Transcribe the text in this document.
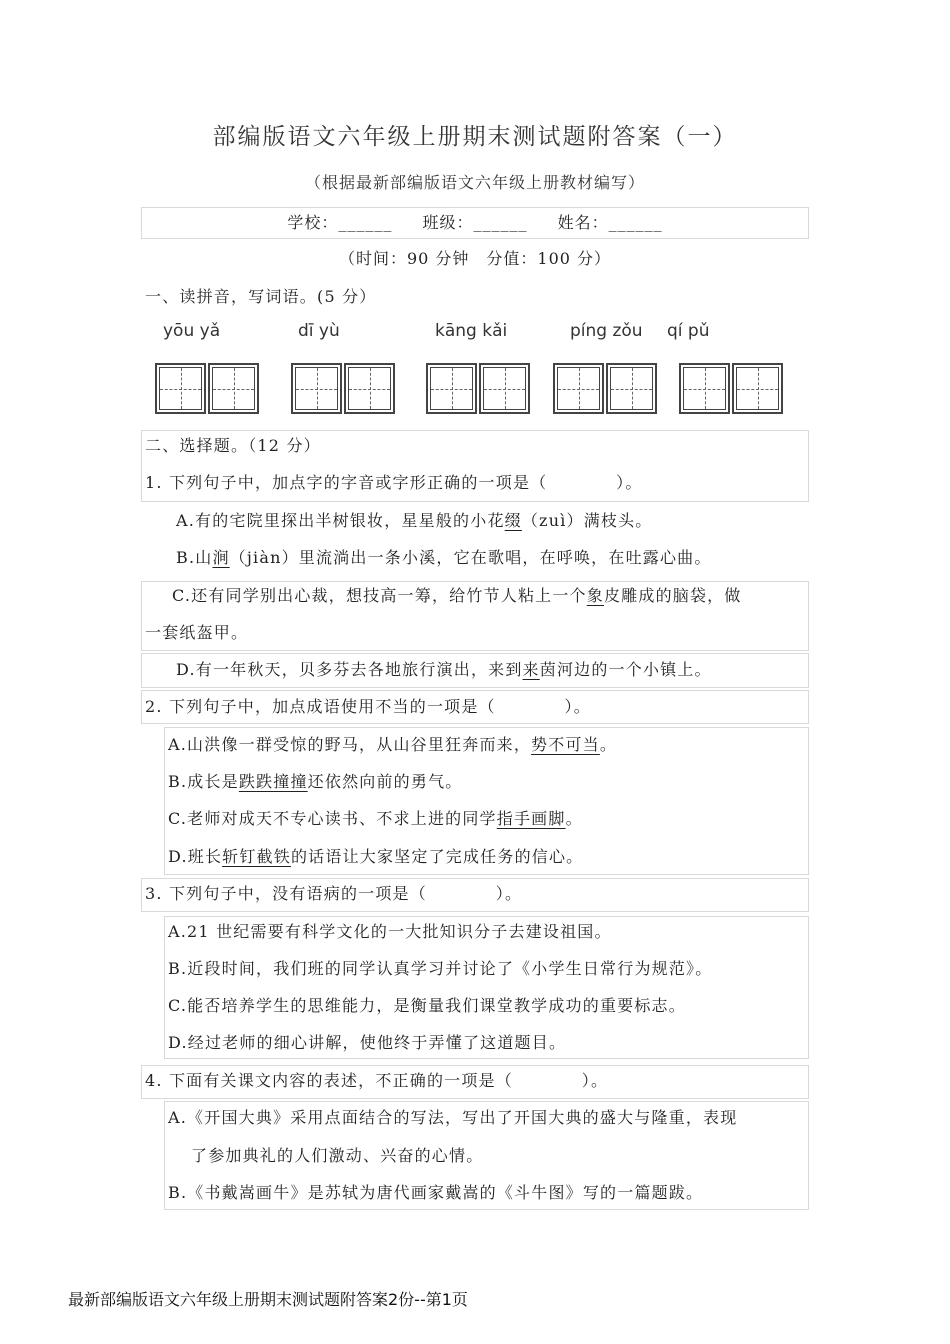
部编版语文六年级上册期末测试题附答案（一）
（根据最新部编版语文六年级上册教材编写）
学校：______ 班级：______ 姓名：______
（时间：90 分钟　分值：100 分）
一、读拼音，写词语。(5 分）
yōu yǎ	dī yù	kāng kǎi	píng zǒu qí pǔ
二、选择题。（12 分）
1. 下列句子中，加点字的字音或字形正确的一项是（　　　　）。
A.有的宅院里探出半树银妆，星星般的小花缀（zuì）满枝头。
B.山涧（jiàn）里流淌出一条小溪，它在歌唱，在呼唤，在吐露心曲。
C.还有同学别出心裁，想技高一筹，给竹节人粘上一个象皮雕成的脑袋，做
一套纸盔甲。
D.有一年秋天，贝多芬去各地旅行演出，来到来茵河边的一个小镇上。
2. 下列句子中，加点成语使用不当的一项是（　　　　）。
A.山洪像一群受惊的野马，从山谷里狂奔而来，势不可当。
B.成长是跌跌撞撞还依然向前的勇气。
C.老师对成天不专心读书、不求上进的同学指手画脚。
D.班长斩钉截铁的话语让大家坚定了完成任务的信心。
3. 下列句子中，没有语病的一项是（　　　　）。
A.21 世纪需要有科学文化的一大批知识分子去建设祖国。
B.近段时间，我们班的同学认真学习并讨论了《小学生日常行为规范》。
C.能否培养学生的思维能力，是衡量我们课堂教学成功的重要标志。
D.经过老师的细心讲解，使他终于弄懂了这道题目。
4. 下面有关课文内容的表述，不正确的一项是（　　　　）。
A.《开国大典》采用点面结合的写法，写出了开国大典的盛大与隆重，表现
了参加典礼的人们激动、兴奋的心情。
B.《书戴嵩画牛》是苏轼为唐代画家戴嵩的《斗牛图》写的一篇题跋。
最新部编版语文六年级上册期末测试题附答案2份--第1页
